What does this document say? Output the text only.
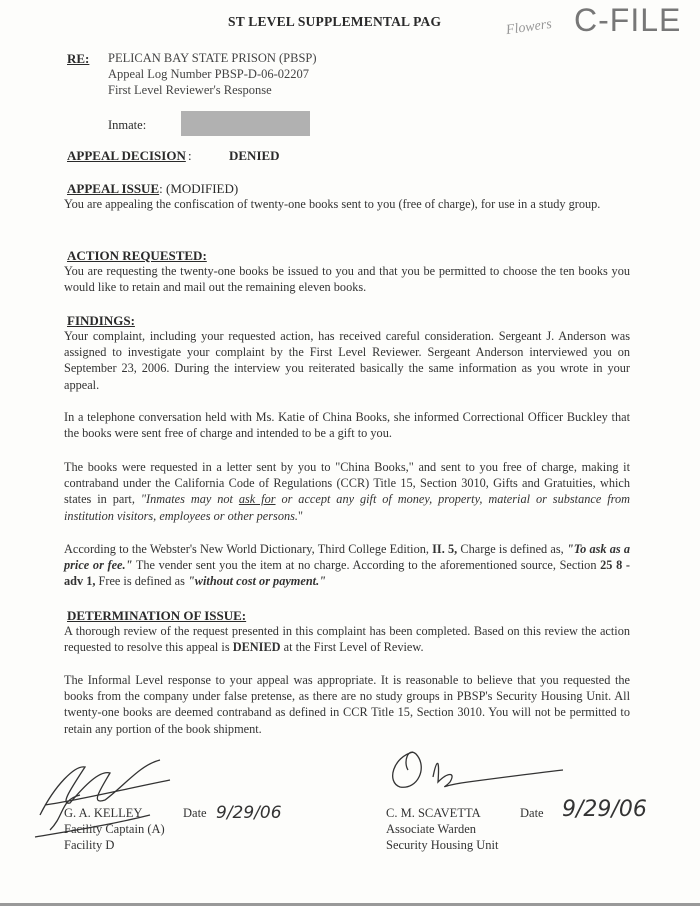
ST LEVEL SUPPLEMENTAL PAG	Flowers C-FILE
RE: PELICAN BAY STATE PRISON (PBSP)
Appeal Log Number PBSP-D-06-02207
First Level Reviewer's Response
Inmate:
APPEAL DECISION :	DENIED
APPEAL ISSUE: (MODIFIED)
You are appealing the confiscation of twenty-one books sent to you (free of charge), for use in a study group.
ACTION REQUESTED:
You are requesting the twenty-one books be issued to you and that you be permitted to choose the ten books you would like to retain and mail out the remaining eleven books.
FINDINGS:
Your complaint, including your requested action, has received careful consideration. Sergeant J. Anderson was assigned to investigate your complaint by the First Level Reviewer. Sergeant Anderson interviewed you on September 23, 2006. During the interview you reiterated basically the same information as you wrote in your appeal.
In a telephone conversation held with Ms. Katie of China Books, she informed Correctional Officer Buckley that the books were sent free of charge and intended to be a gift to you.
The books were requested in a letter sent by you to "China Books," and sent to you free of charge, making it contraband under the California Code of Regulations (CCR) Title 15, Section 3010, Gifts and Gratuities, which states in part, "Inmates may not ask for or accept any gift of money, property, material or substance from institution visitors, employees or other persons."
According to the Webster's New World Dictionary, Third College Edition, II. 5, Charge is defined as, "To ask as a price or fee." The vender sent you the item at no charge. According to the aforementioned source, Section 25 8 -adv 1, Free is defined as "without cost or payment."
DETERMINATION OF ISSUE:
A thorough review of the request presented in this complaint has been completed. Based on this review the action requested to resolve this appeal is DENIED at the First Level of Review.
The Informal Level response to your appeal was appropriate. It is reasonable to believe that you requested the books from the company under false pretense, as there are no study groups in PBSP's Security Housing Unit. All twenty-one books are deemed contraband as defined in CCR Title 15, Section 3010. You will not be permitted to retain any portion of the book shipment.
G. A. KELLEY
Facility Captain (A)
Facility D
Date 9/29/06	C. M. SCAVETTA
Associate Warden
Security Housing Unit
Date 9/29/06
